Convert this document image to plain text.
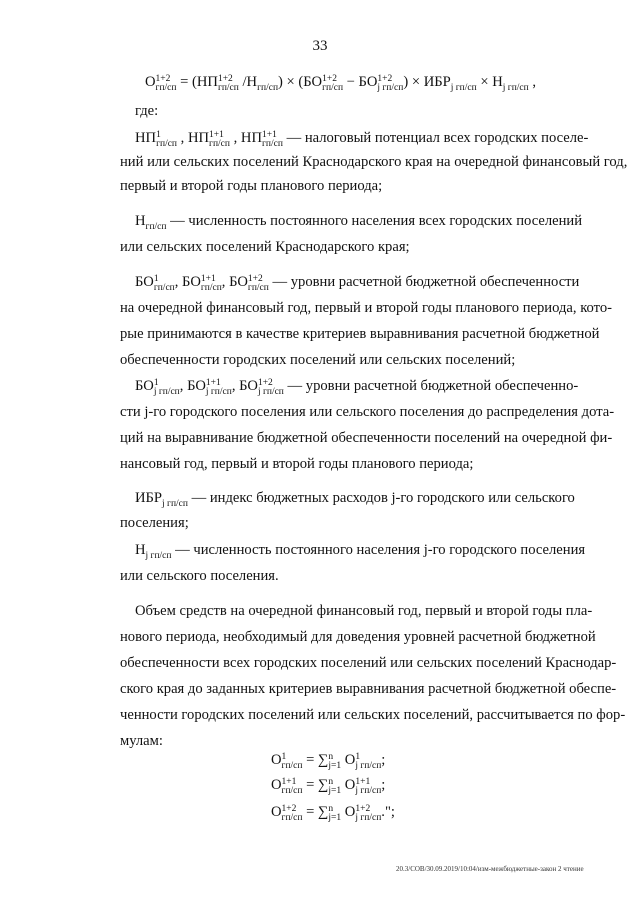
33
О 1+2
гп/сп = (НП 1+2
гп/сп $/Н_{гп/сп}) \times (БО$ 1+2
гп/сп − БО 1+2
j гп/сп ) × $ИБР_{j гп/сп} \times Н_{j гп/сп}$ ,
где:
НП 1
гп/сп , НП 1+1
гп/сп , НП 1+1
гп/сп — налоговый потенциал всех городских поселе-
ний или сельских поселений Краснодарского края на очередной финансовый год,
первый и второй годы планового периода;
$Н_{гп/сп}$ — численность постоянного населения всех городских поселений
или сельских поселений Краснодарского края;
БО 1
гп/сп , БО 1+1
гп/сп , БО 1+2
гп/сп — уровни расчетной бюджетной обеспеченности
на очередной финансовый год, первый и второй годы планового периода, кото-
рые принимаются в качестве критериев выравнивания расчетной бюджетной
обеспеченности городских поселений или сельских поселений;
БО 1
j гп/сп , БО 1+1
j гп/сп , БО 1+2
j гп/сп — уровни расчетной бюджетной обеспеченно-
сти j-го городского поселения или сельского поселения до распределения дота-
ций на выравнивание бюджетной обеспеченности поселений на очередной фи-
нансовый год, первый и второй годы планового периода;
$ИБР_{j гп/сп}$ — индекс бюджетных расходов j-го городского или сельского
поселения;
$Н_{j гп/сп}$ — численность постоянного населения j-го городского поселения
или сельского поселения.
Объем средств на очередной финансовый год, первый и второй годы пла-
нового периода, необходимый для доведения уровней расчетной бюджетной
обеспеченности всех городских поселений или сельских поселений Краснодар-
ского края до заданных критериев выравнивания расчетной бюджетной обеспе-
ченности городских поселений или сельских поселений, рассчитывается по фор-
мулам:
О 1
гп/сп = ∑ n
j=1 О 1
j гп/сп ;
О 1+1
гп/сп = ∑ n
j=1 О 1+1
j гп/сп ;
О 1+2
гп/сп = ∑ n
j=1 О 1+2
j гп/сп .";
20.3/СОВ/30.09.2019/10:04/изм-межбюджетные-закон 2 чтение
